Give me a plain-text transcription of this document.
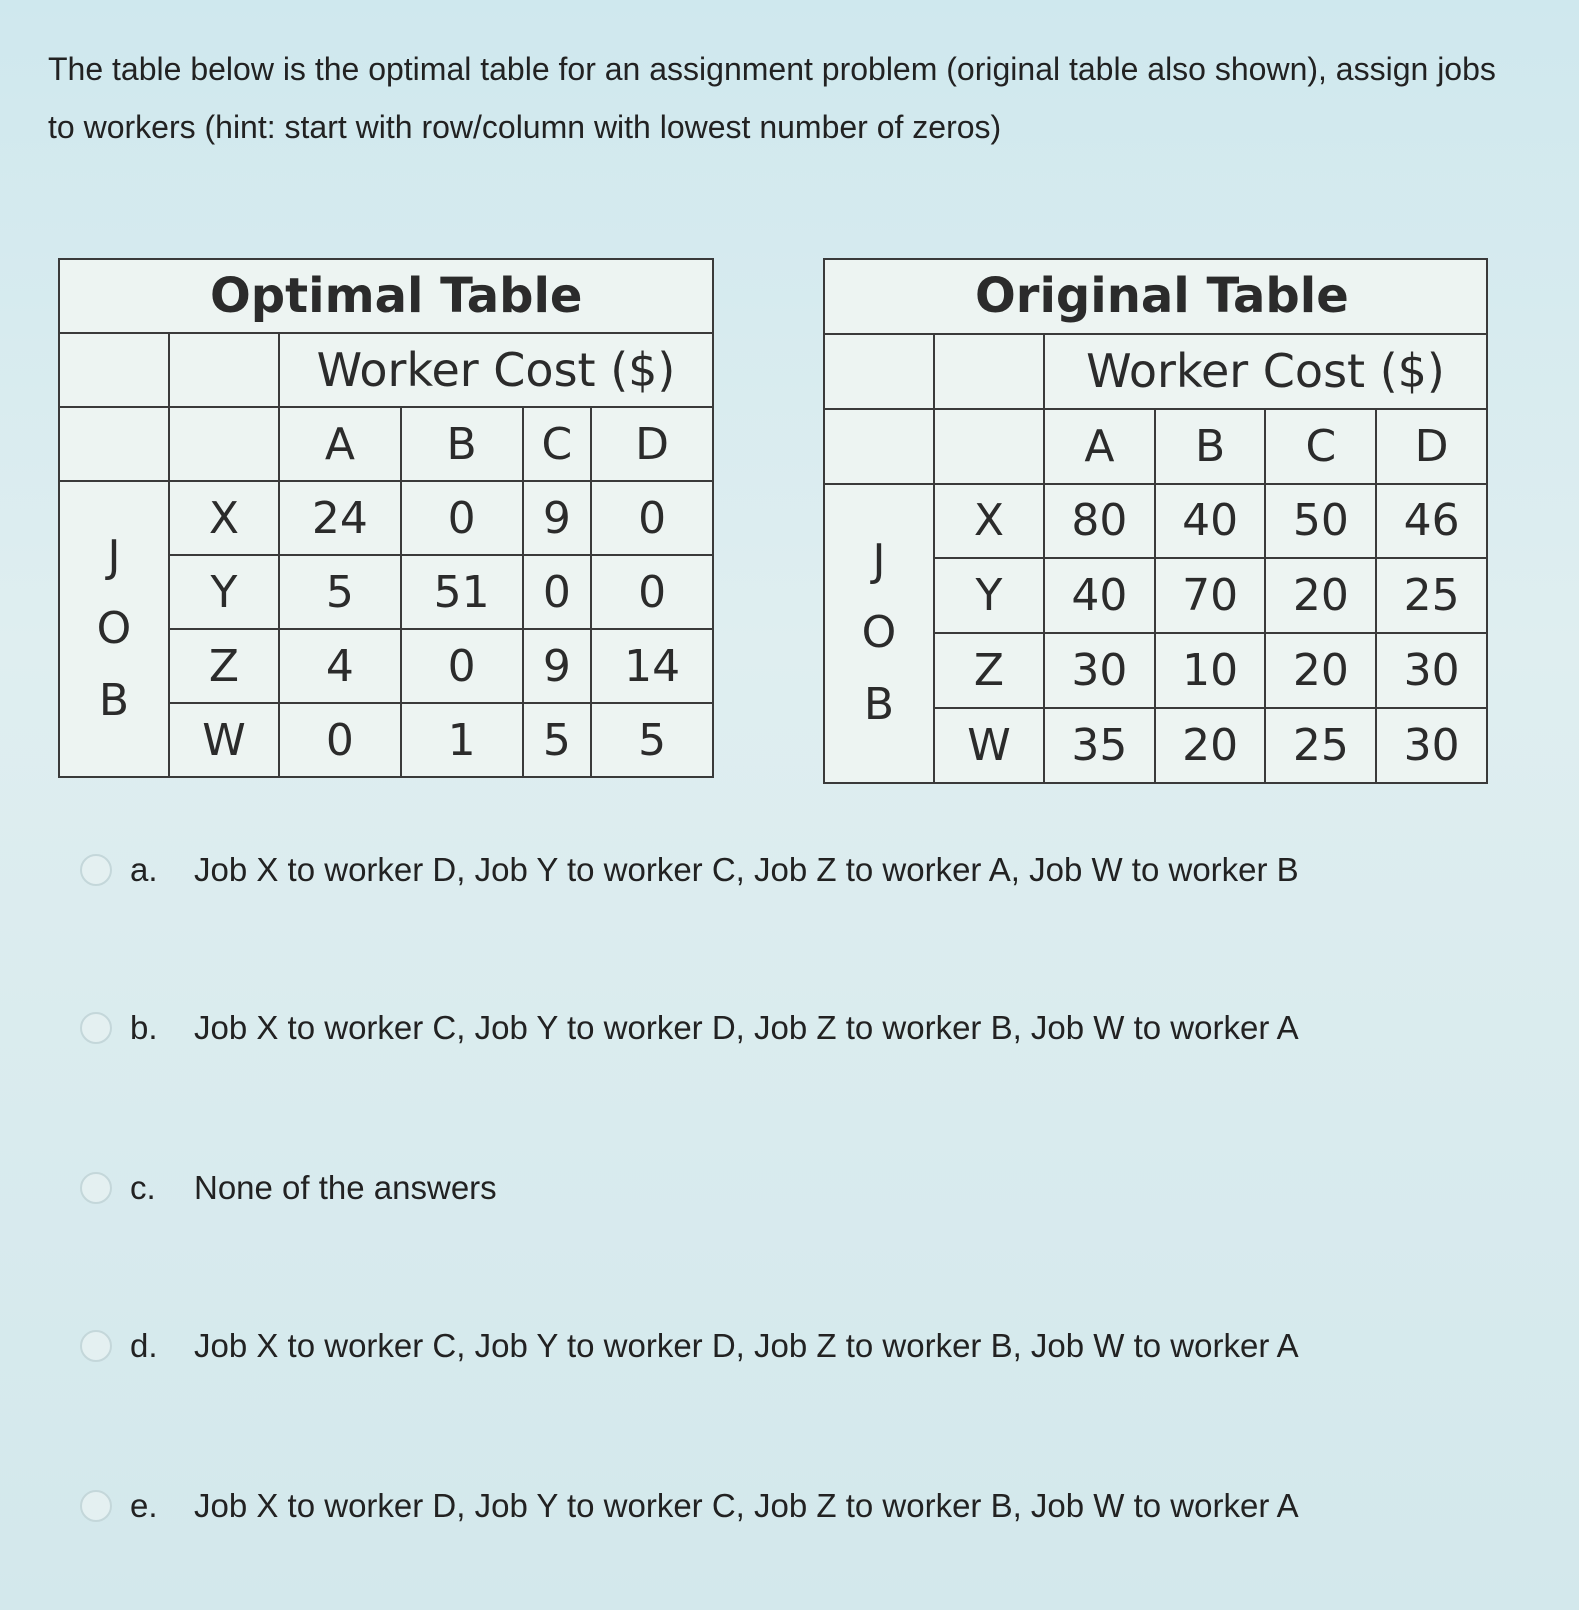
The table below is the optimal table for an assignment problem (original table also shown), assign jobs to workers (hint: start with row/column with lowest number of zeros)
Optimal Table					
		Worker Cost ($)			
		A	B	C	D

J
O
B	X	24	0	9	0
	Y	5	51	0	0
	Z	4	0	9	14
	W	0	1	5	5
Original Table					
		Worker Cost ($)			
		A	B	C	D

J
O
B	X	80	40	50	46
	Y	40	70	20	25
	Z	30	10	20	30
	W	35	20	25	30
a.	Job X to worker D, Job Y to worker C, Job Z to worker A, Job W to worker B
b.	Job X to worker C, Job Y to worker D, Job Z to worker B, Job W to worker A
c.	None of the answers
d.	Job X to worker C, Job Y to worker D, Job Z to worker B, Job W to worker A
e.	Job X to worker D, Job Y to worker C, Job Z to worker B, Job W to worker A
